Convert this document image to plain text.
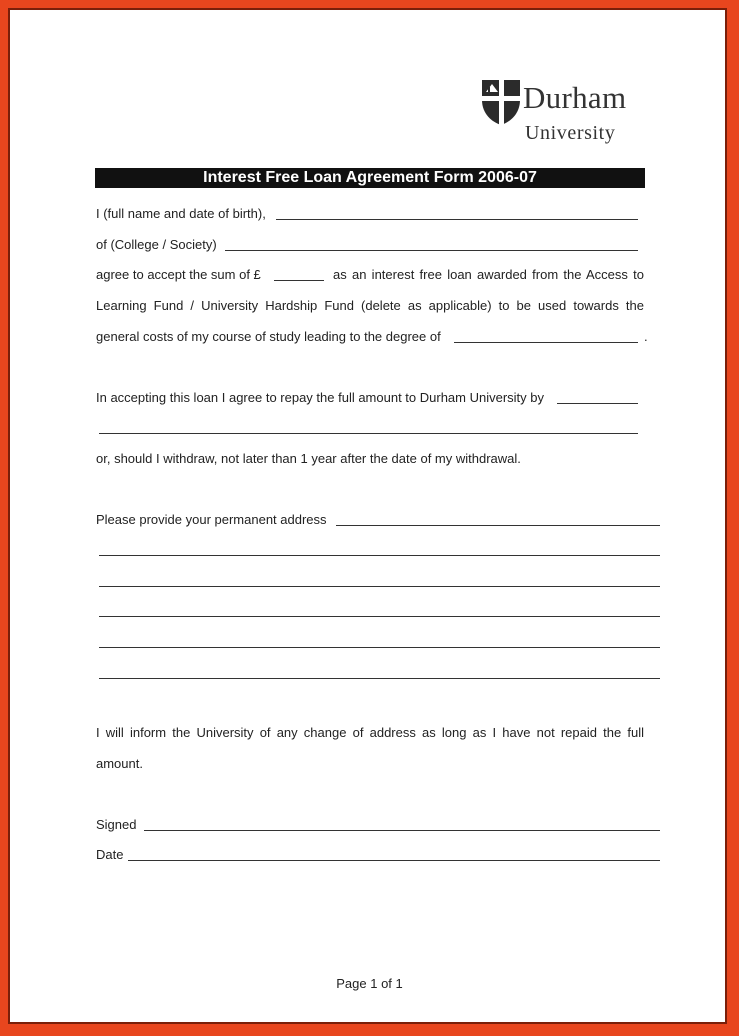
Durham
University
Interest Free Loan Agreement Form 2006-07
I (full name and date of birth),
of (College / Society)
agree to accept the sum of £	as an interest free loan awarded from the Access to
Learning Fund / University Hardship Fund (delete as applicable) to be used towards the
general costs of my course of study leading to the degree of	.
In accepting this loan I agree to repay the full amount to Durham University by
or, should I withdraw, not later than 1 year after the date of my withdrawal.
Please provide your permanent address
I will inform the University of any change of address as long as I have not repaid the full
amount.
Signed
Date
Page 1 of 1
